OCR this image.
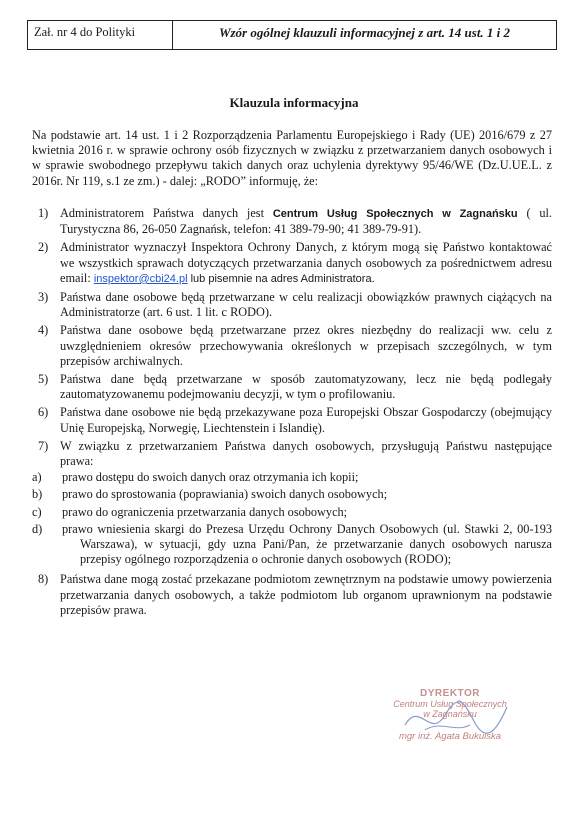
Zał. nr 4 do Polityki	Wzór ogólnej klauzuli informacyjnej z art. 14 ust. 1 i 2
Klauzula informacyjna
Na podstawie art. 14 ust. 1 i 2 Rozporządzenia Parlamentu Europejskiego i Rady (UE) 2016/679 z 27 kwietnia 2016 r. w sprawie ochrony osób fizycznych w związku z przetwarzaniem danych osobowych i w sprawie swobodnego przepływu takich danych oraz uchylenia dyrektywy 95/46/WE (Dz.U.UE.L. z 2016r. Nr 119, s.1 ze zm.) - dalej: „RODO” informuję, że:
1) Administratorem Państwa danych jest Centrum Usług Społecznych w Zagnańsku ( ul. Turystyczna 86, 26-050 Zagnańsk, telefon: 41 389-79-90; 41 389-79-91).
2) Administrator wyznaczył Inspektora Ochrony Danych, z którym mogą się Państwo kontaktować we wszystkich sprawach dotyczących przetwarzania danych osobowych za pośrednictwem adresu email: inspektor@cbi24.pl lub pisemnie na adres Administratora.
3) Państwa dane osobowe będą przetwarzane w celu realizacji obowiązków prawnych ciążących na Administratorze (art. 6 ust. 1 lit. c RODO).
4) Państwa dane osobowe będą przetwarzane przez okres niezbędny do realizacji ww. celu z uwzględnieniem okresów przechowywania określonych w przepisach szczególnych, w tym przepisów archiwalnych.
5) Państwa dane będą przetwarzane w sposób zautomatyzowany, lecz nie będą podlegały zautomatyzowanemu podejmowaniu decyzji, w tym o profilowaniu.
6) Państwa dane osobowe nie będą przekazywane poza Europejski Obszar Gospodarczy (obejmujący Unię Europejską, Norwegię, Liechtenstein i Islandię).
7) W związku z przetwarzaniem Państwa danych osobowych, przysługują Państwu następujące prawa:
a)	prawo dostępu do swoich danych oraz otrzymania ich kopii;
b)	prawo do sprostowania (poprawiania) swoich danych osobowych;
c)	prawo do ograniczenia przetwarzania danych osobowych;
d)	prawo wniesienia skargi do Prezesa Urzędu Ochrony Danych Osobowych (ul. Stawki 2, 00-193 Warszawa), w sytuacji, gdy uzna Pani/Pan, że przetwarzanie danych osobowych narusza przepisy ogólnego rozporządzenia o ochronie danych osobowych (RODO);
8) Państwa dane mogą zostać przekazane podmiotom zewnętrznym na podstawie umowy powierzenia przetwarzania danych osobowych, a także podmiotom lub organom uprawnionym na podstawie przepisów prawa.
DYREKTOR
Centrum Usług Społecznych
w Zagnańsku
mgr inż. Agata Bukulska
